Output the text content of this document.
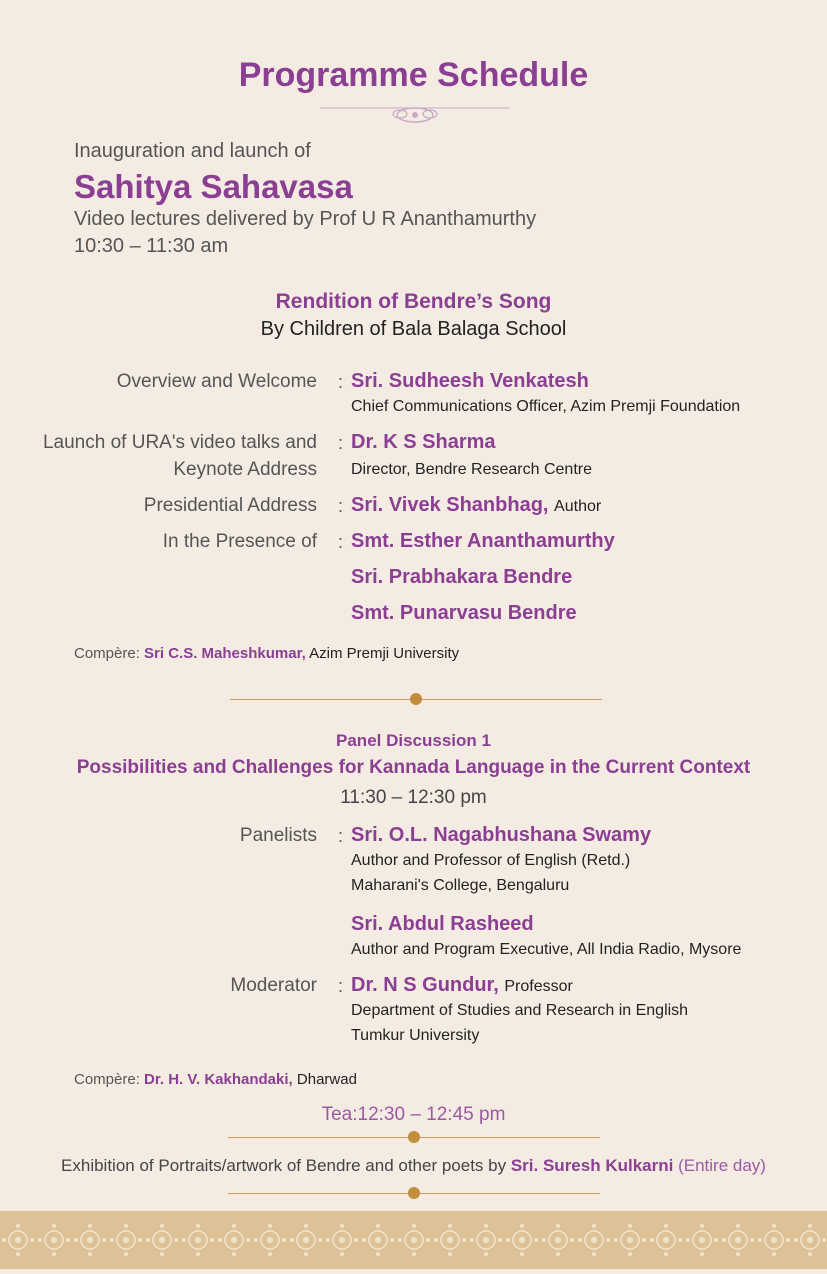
Programme Schedule
Inauguration and launch of
Sahitya Sahavasa
Video lectures delivered by Prof U R Ananthamurthy
10:30 – 11:30 am
Rendition of Bendre’s Song
By Children of Bala Balaga School
Overview and Welcome : Sri. Sudheesh Venkatesh
Chief Communications Officer, Azim Premji Foundation
Launch of URA's video talks and
Keynote Address
: Dr. K S Sharma
Director, Bendre Research Centre
Presidential Address : Sri. Vivek Shanbhag, Author
In the Presence of : Smt. Esther Ananthamurthy
Sri. Prabhakara Bendre
Smt. Punarvasu Bendre
Compère: Sri C.S. Maheshkumar, Azim Premji University
Panel Discussion 1
Possibilities and Challenges for Kannada Language in the Current Context
11:30 – 12:30 pm
Panelists : Sri. O.L. Nagabhushana Swamy
Author and Professor of English (Retd.)
Maharani's College, Bengaluru
Sri. Abdul Rasheed
Author and Program Executive, All India Radio, Mysore
Moderator : Dr. N S Gundur, Professor
Department of Studies and Research in English
Tumkur University
Compère: Dr. H. V. Kakhandaki, Dharwad
Tea:12:30 – 12:45 pm
Exhibition of Portraits/artwork of Bendre and other poets by Sri. Suresh Kulkarni (Entire day)
